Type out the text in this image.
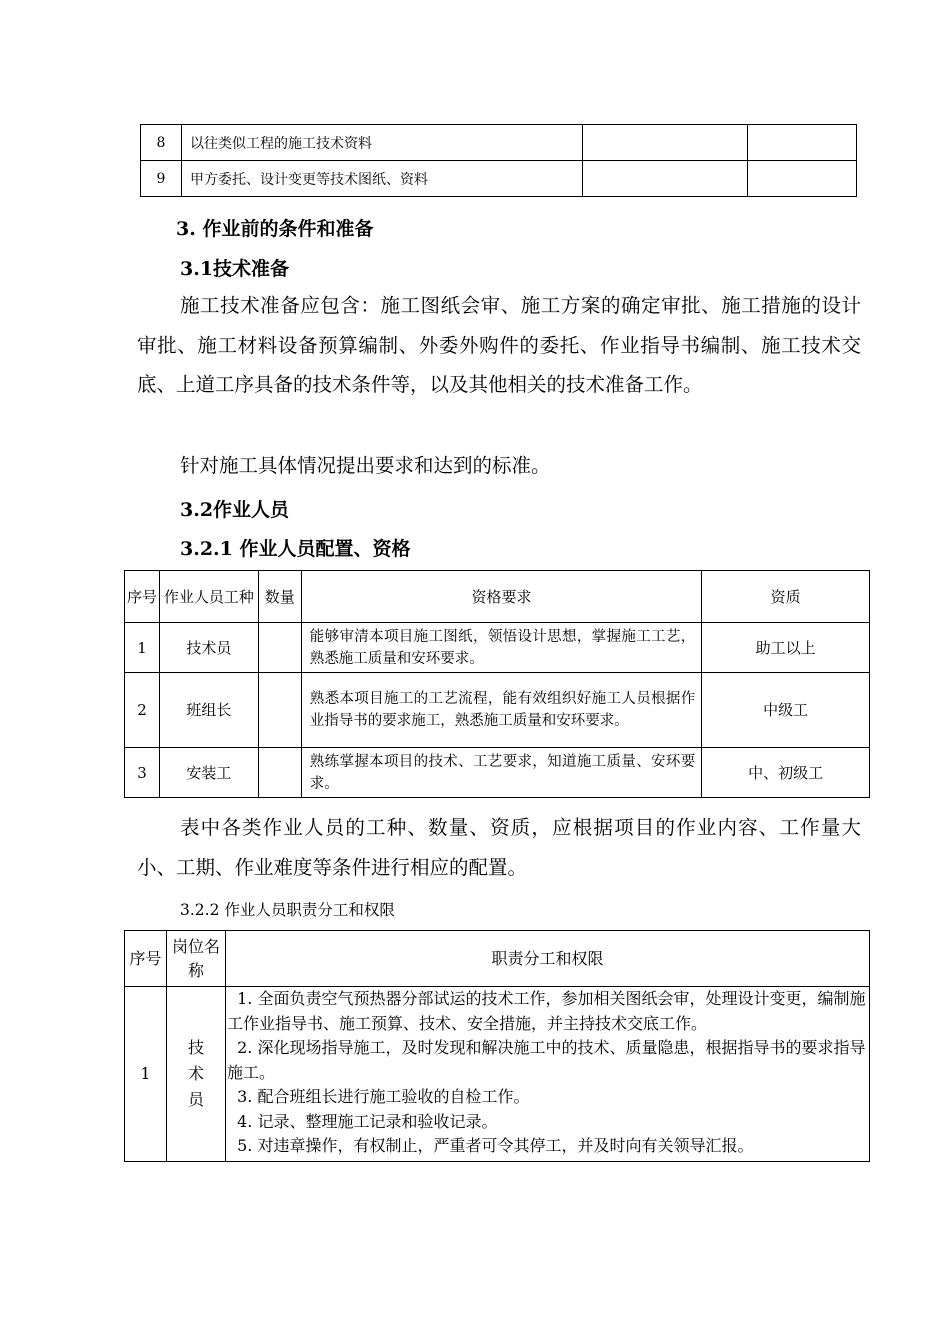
8	以往类似工程的施工技术资料		
9	甲方委托、设计变更等技术图纸、资料		
3. 作业前的条件和准备
3.1技术准备
施工技术准备应包含：施工图纸会审、施工方案的确定审批、施工措施的设计审批、施工材料设备预算编制、外委外购件的委托、作业指导书编制、施工技术交底、上道工序具备的技术条件等，以及其他相关的技术准备工作。
针对施工具体情况提出要求和达到的标准。
3.2作业人员
3.2.1 作业人员配置、资格
序号	作业人员工种	数量	资格要求	资质
1	技术员		能够审清本项目施工图纸，领悟设计思想，掌握施工工艺，熟悉施工质量和安环要求。	助工以上
2	班组长		熟悉本项目施工的工艺流程，能有效组织好施工人员根据作业指导书的要求施工，熟悉施工质量和安环要求。	中级工
3	安装工		熟练掌握本项目的技术、工艺要求，知道施工质量、安环要求。	中、初级工
表中各类作业人员的工种、数量、资质，应根据项目的作业内容、工作量大小、工期、作业难度等条件进行相应的配置。
3.2.2 作业人员职责分工和权限
序号	岗位名称	职责分工和权限
1	技术员	1. 全面负责空气预热器分部试运的技术工作，参加相关图纸会审，处理设计变更，编制施工作业指导书、施工预算、技术、安全措施，并主持技术交底工作。
2. 深化现场指导施工，及时发现和解决施工中的技术、质量隐患，根据指导书的要求指导施工。
3. 配合班组长进行施工验收的自检工作。
4. 记录、整理施工记录和验收记录。
5. 对违章操作，有权制止，严重者可令其停工，并及时向有关领导汇报。
